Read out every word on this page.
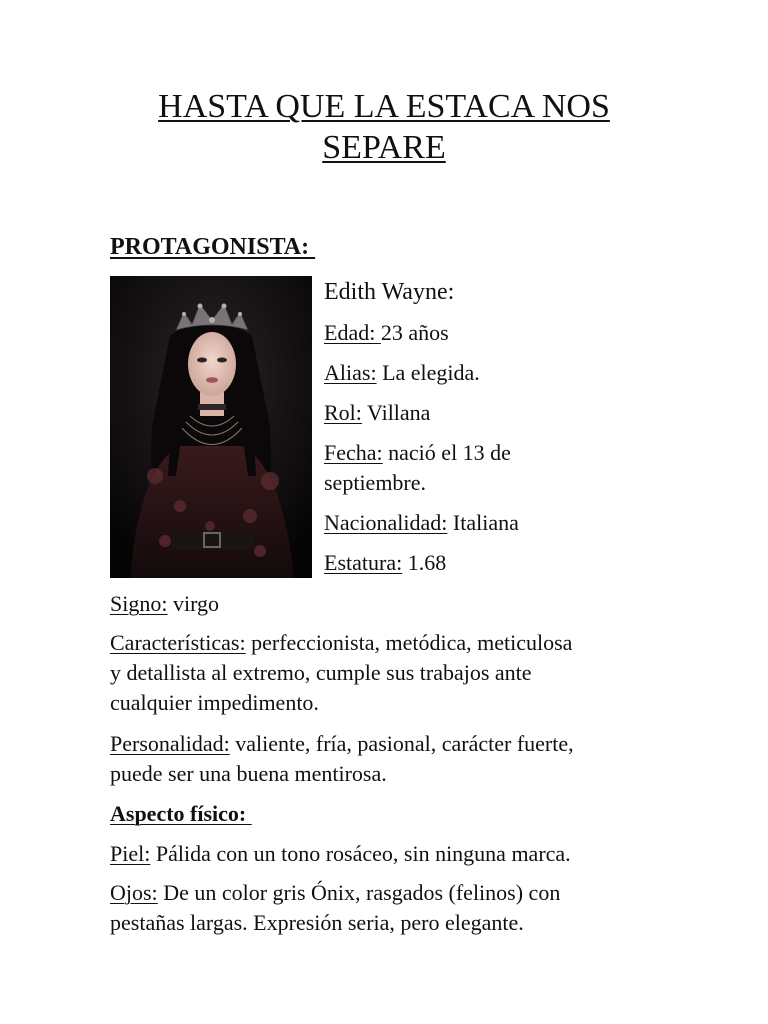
HASTA QUE LA ESTACA NOS
SEPARE
PROTAGONISTA:

Edith Wayne:

Edad: 23 años

Alias: La elegida.

Rol: Villana

Fecha: nació el 13 de

septiembre.

Nacionalidad: Italiana

Estatura: 1.68

Signo: virgo

Características: perfeccionista, metódica, meticulosa

y detallista al extremo, cumple sus trabajos ante

cualquier impedimento.

Personalidad: valiente, fría, pasional, carácter fuerte,

puede ser una buena mentirosa.

Aspecto físico:

Piel: Pálida con un tono rosáceo, sin ninguna marca.

Ojos: De un color gris Ónix, rasgados (felinos) con

pestañas largas. Expresión seria, pero elegante.
